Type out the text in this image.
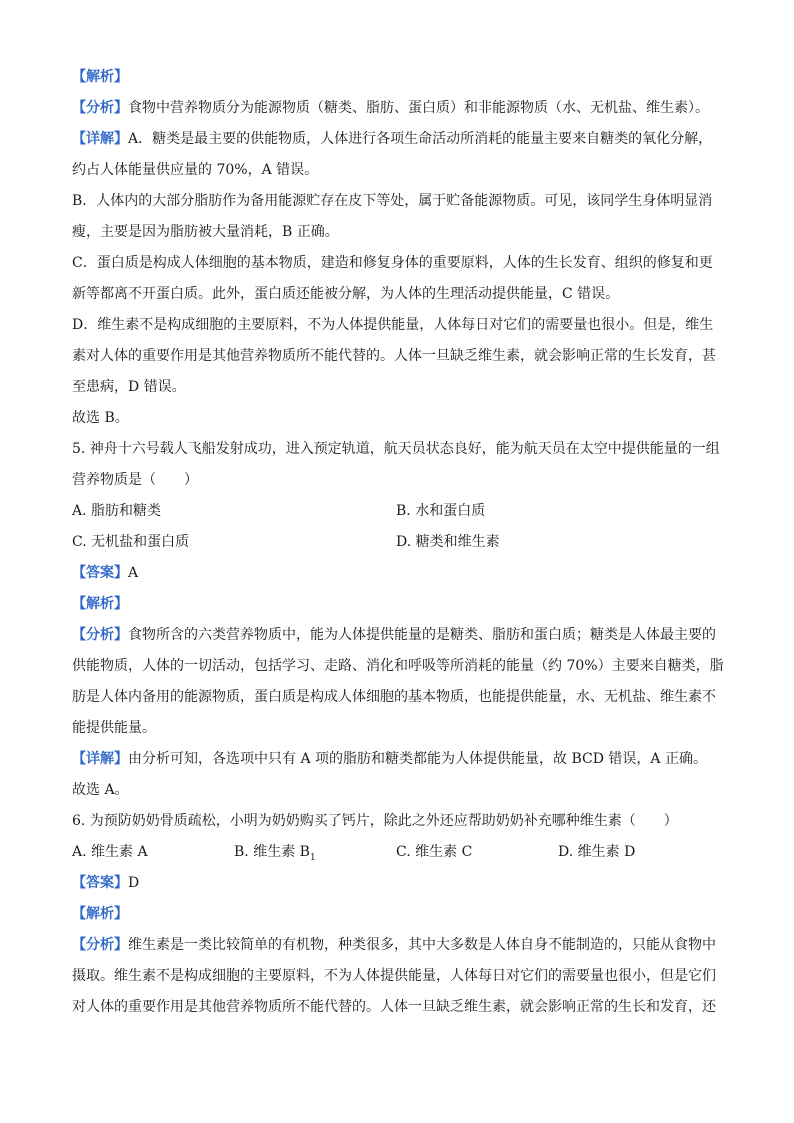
【解析】
【分析】食物中营养物质分为能源物质（糖类、脂肪、蛋白质）和非能源物质（水、无机盐、维生素）。
【详解】A．糖类是最主要的供能物质，人体进行各项生命活动所消耗的能量主要来自糖类的氧化分解，
约占人体能量供应量的 70%，A 错误。
B．人体内的大部分脂肪作为备用能源贮存在皮下等处，属于贮备能源物质。可见，该同学生身体明显消
瘦，主要是因为脂肪被大量消耗，B 正确。
C．蛋白质是构成人体细胞的基本物质，建造和修复身体的重要原料，人体的生长发育、组织的修复和更
新等都离不开蛋白质。此外，蛋白质还能被分解，为人体的生理活动提供能量，C 错误。
D．维生素不是构成细胞的主要原料，不为人体提供能量，人体每日对它们的需要量也很小。但是，维生
素对人体的重要作用是其他营养物质所不能代替的。人体一旦缺乏维生素，就会影响正常的生长发育，甚
至患病，D 错误。
故选 B。
5. 神舟十六号载人飞船发射成功，进入预定轨道，航天员状态良好，能为航天员在太空中提供能量的一组
营养物质是（　　）
A. 脂肪和糖类	B. 水和蛋白质
C. 无机盐和蛋白质	D. 糖类和维生素
【答案】A
【解析】
【分析】食物所含的六类营养物质中，能为人体提供能量的是糖类、脂肪和蛋白质；糖类是人体最主要的
供能物质，人体的一切活动，包括学习、走路、消化和呼吸等所消耗的能量（约 70%）主要来自糖类，脂
肪是人体内备用的能源物质，蛋白质是构成人体细胞的基本物质，也能提供能量，水、无机盐、维生素不
能提供能量。
【详解】由分析可知，各选项中只有 A 项的脂肪和糖类都能为人体提供能量，故 BCD 错误，A 正确。
故选 A。
6. 为预防奶奶骨质疏松，小明为奶奶购买了钙片，除此之外还应帮助奶奶补充哪种维生素（　　）
A. 维生素 A	B. 维生素 $B_1$	C. 维生素 C	D. 维生素 D
【答案】D
【解析】
【分析】维生素是一类比较简单的有机物，种类很多，其中大多数是人体自身不能制造的，只能从食物中
摄取。维生素不是构成细胞的主要原料，不为人体提供能量，人体每日对它们的需要量也很小，但是它们
对人体的重要作用是其他营养物质所不能代替的。人体一旦缺乏维生素，就会影响正常的生长和发育，还
